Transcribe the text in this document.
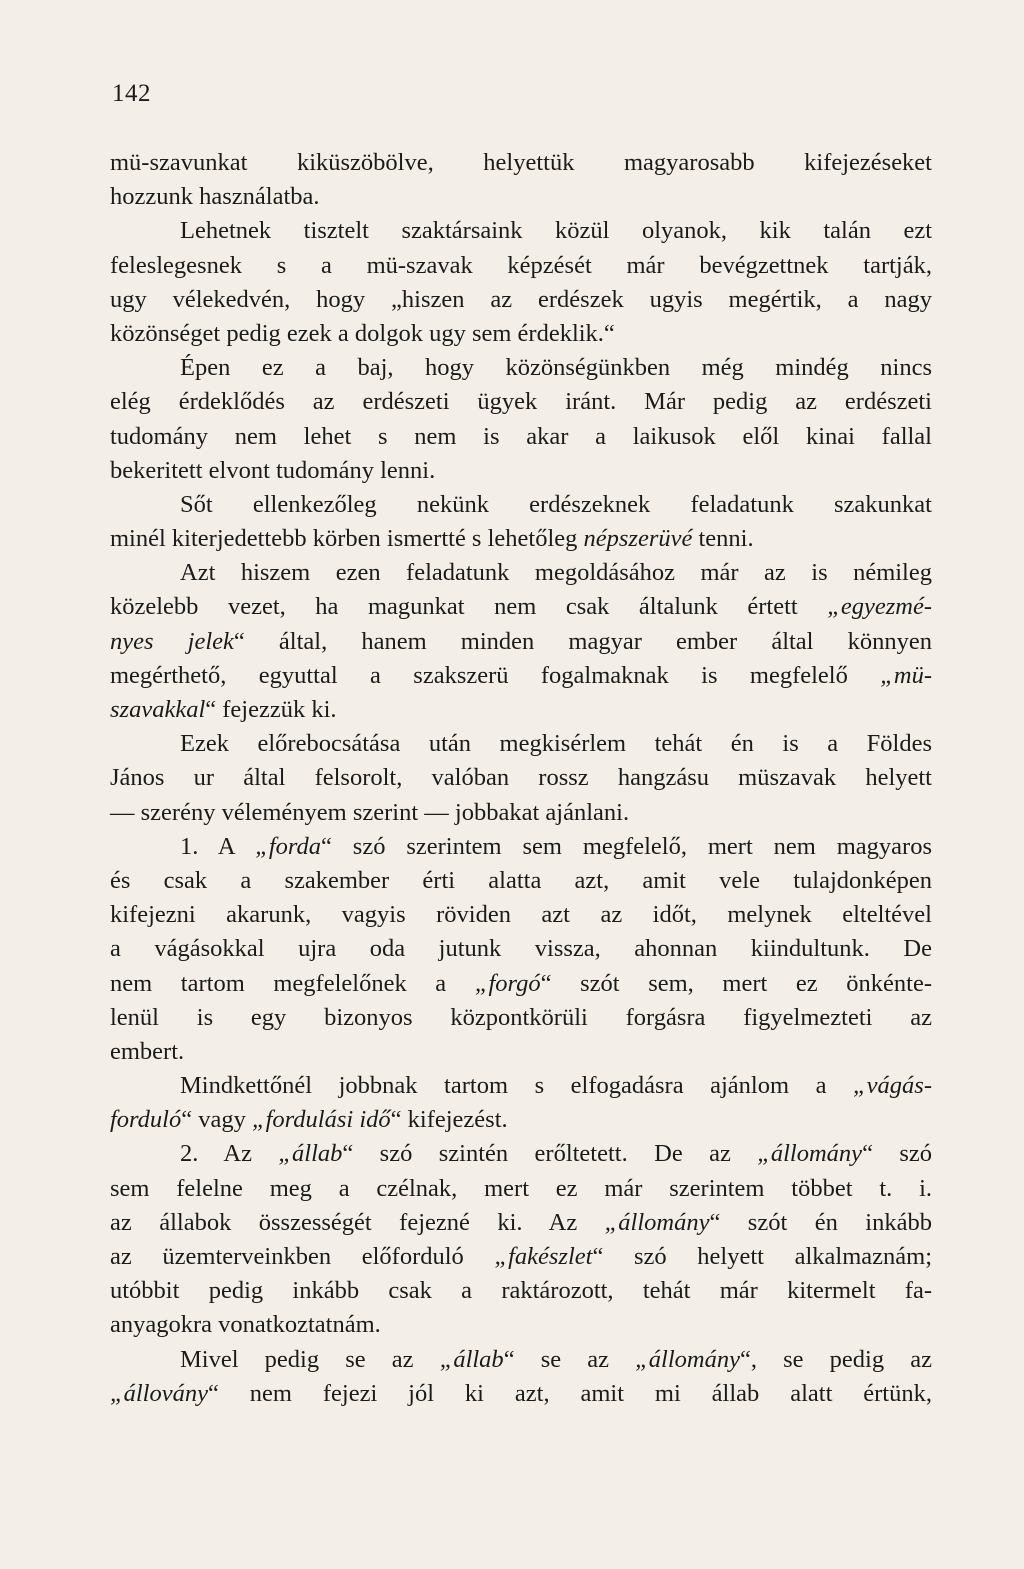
142
mü-szavunkat kiküszöbölve, helyettük magyarosabb kifejezéseket
hozzunk használatba.
Lehetnek tisztelt szaktársaink közül olyanok, kik talán ezt
feleslegesnek s a mü-szavak képzését már bevégzettnek tartják,
ugy vélekedvén, hogy „hiszen az erdészek ugyis megértik, a nagy
közönséget pedig ezek a dolgok ugy sem érdeklik.“
Épen ez a baj, hogy közönségünkben még mindég nincs
elég érdeklődés az erdészeti ügyek iránt. Már pedig az erdészeti
tudomány nem lehet s nem is akar a laikusok elől kinai fallal
bekeritett elvont tudomány lenni.
Sőt ellenkezőleg nekünk erdészeknek feladatunk szakunkat
minél kiterjedettebb körben ismertté s lehetőleg népszerüvé tenni.
Azt hiszem ezen feladatunk megoldásához már az is némileg
közelebb vezet, ha magunkat nem csak általunk értett „egyezmé-
nyes jelek“ által, hanem minden magyar ember által könnyen
megérthető, egyuttal a szakszerü fogalmaknak is megfelelő „mü-
szavakkal“ fejezzük ki.
Ezek előrebocsátása után megkisérlem tehát én is a Földes
János ur által felsorolt, valóban rossz hangzásu müszavak helyett
— szerény véleményem szerint — jobbakat ajánlani.
1. A „forda“ szó szerintem sem megfelelő, mert nem magyaros
és csak a szakember érti alatta azt, amit vele tulajdonképen
kifejezni akarunk, vagyis röviden azt az időt, melynek elteltével
a vágásokkal ujra oda jutunk vissza, ahonnan kiindultunk. De
nem tartom megfelelőnek a „forgó“ szót sem, mert ez önkénte-
lenül is egy bizonyos központkörüli forgásra figyelmezteti az
embert.
Mindkettőnél jobbnak tartom s elfogadásra ajánlom a „vágás-
forduló“ vagy „fordulási idő“ kifejezést.
2. Az „állab“ szó szintén erőltetett. De az „állomány“ szó
sem felelne meg a czélnak, mert ez már szerintem többet t. i.
az állabok összességét fejezné ki. Az „állomány“ szót én inkább
az üzemterveinkben előforduló „fakészlet“ szó helyett alkalmaznám;
utóbbit pedig inkább csak a raktározott, tehát már kitermelt fa-
anyagokra vonatkoztatnám.
Mivel pedig se az „állab“ se az „állomány“, se pedig az
„állovány“ nem fejezi jól ki azt, amit mi állab alatt értünk,
